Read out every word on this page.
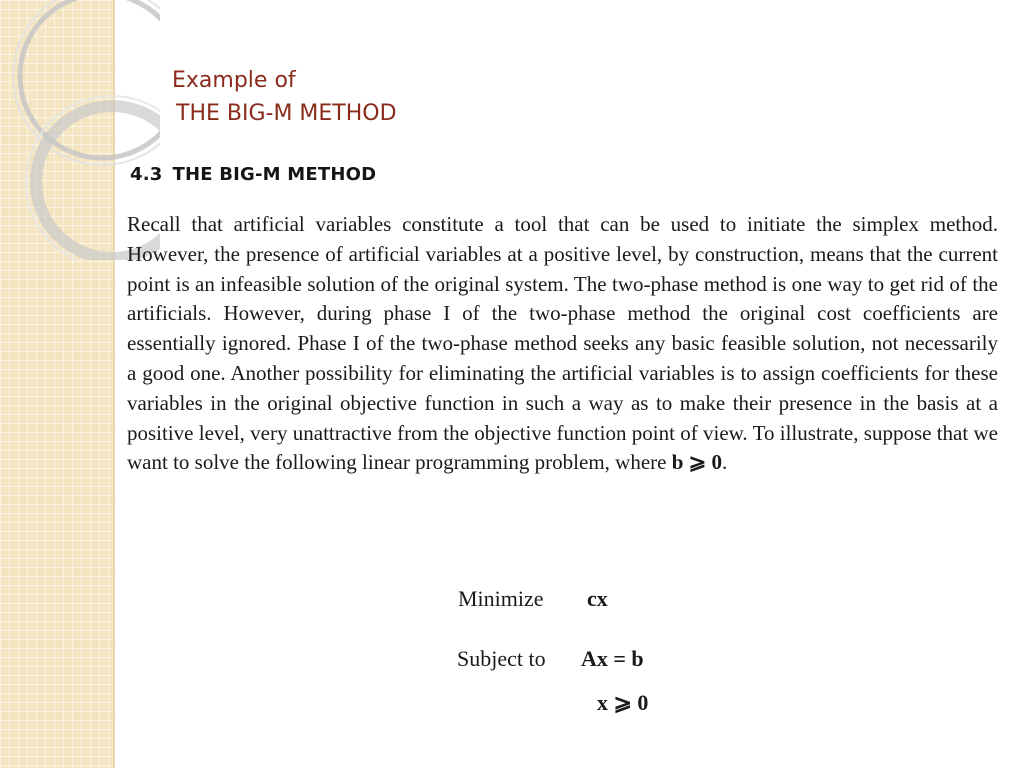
Example of
THE BIG-M METHOD
4.3 THE BIG-M METHOD

Recall that artificial variables constitute a tool that can be used to initiate the simplex method. However, the presence of artificial variables at a positive level, by construction, means that the current point is an infeasible solution of the original system. The two-phase method is one way to get rid of the artificials. However, during phase I of the two-phase method the original cost coefficients are essentially ignored. Phase I of the two-phase method seeks any basic feasible solution, not necessarily a good one. Another possibility for eliminating the artificial variables is to assign coefficients for these variables in the original objective function in such a way as to make their presence in the basis at a positive level, very unattractive from the objective function point of view. To illustrate, suppose that we want to solve the following linear programming problem, where b ⩾ 0.

Minimize cx
Subject to Ax = b
x ⩾ 0
